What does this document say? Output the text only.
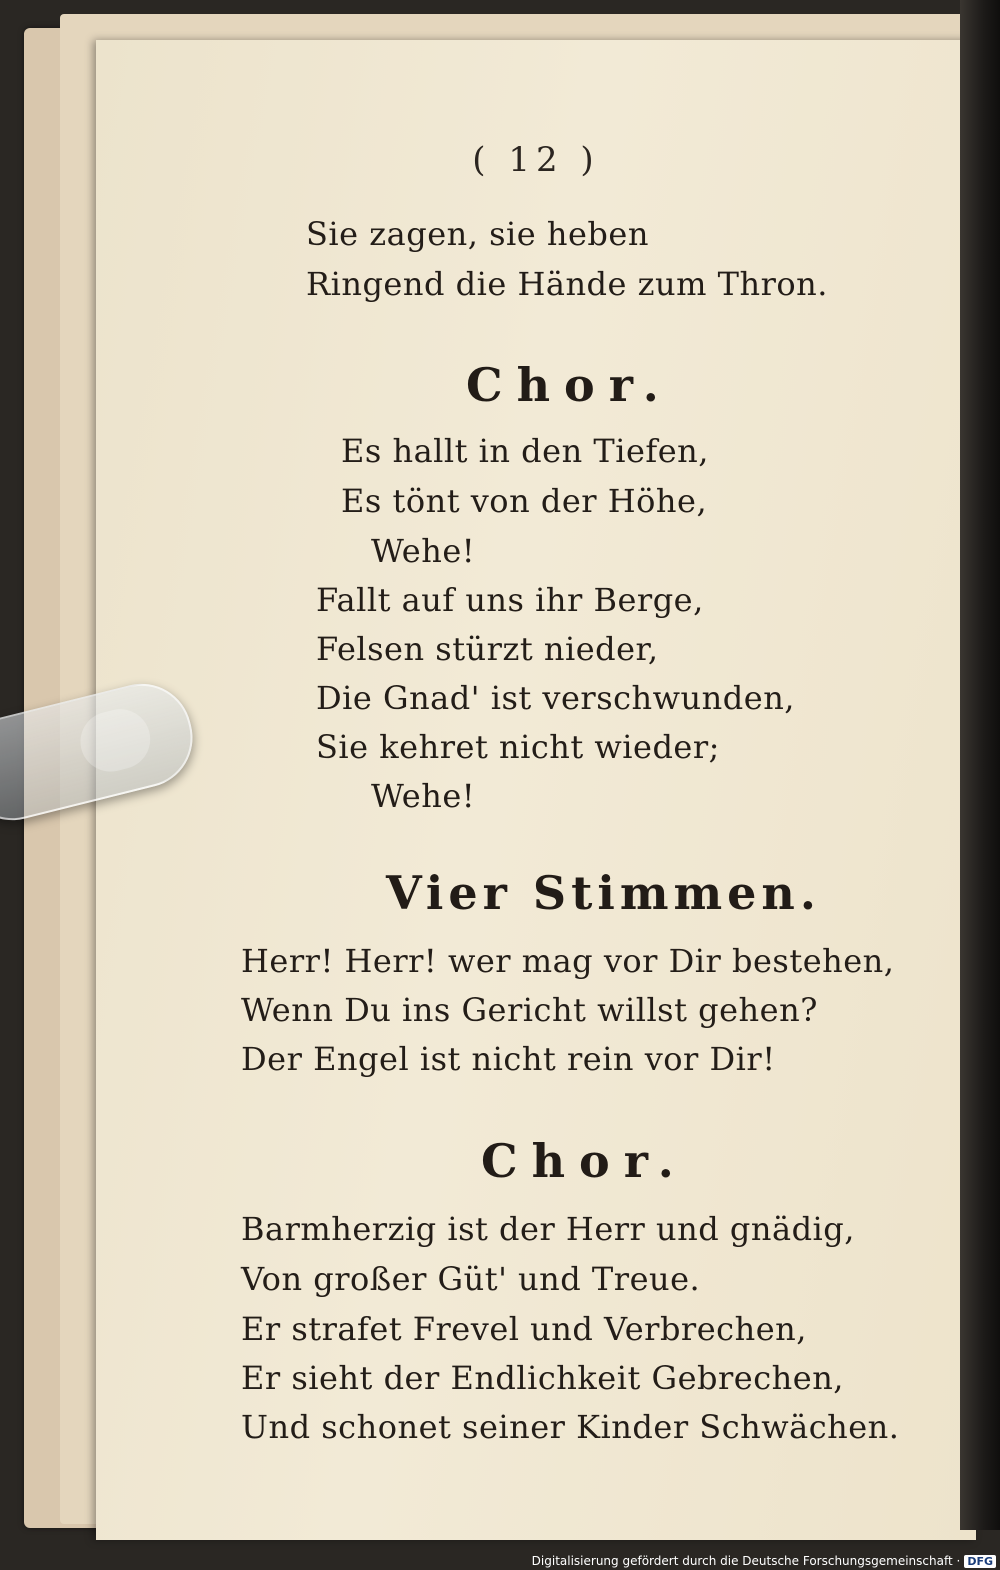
( 12 )
Sie zagen, sie heben
Ringend die Hände zum Thron.
Chor.
Es hallt in den Tiefen,
Es tönt von der Höhe,
Wehe!
Fallt auf uns ihr Berge,
Felsen stürzt nieder,
Die Gnad' ist verschwunden,
Sie kehret nicht wieder;
Wehe!
Vier Stimmen.
Herr! Herr! wer mag vor Dir bestehen,
Wenn Du ins Gericht willst gehen?
Der Engel ist nicht rein vor Dir!
Chor.
Barmherzig ist der Herr und gnädig,
Von großer Güt' und Treue.
Er strafet Frevel und Verbrechen,
Er sieht der Endlichkeit Gebrechen,
Und schonet seiner Kinder Schwächen.
Digitalisierung gefördert durch die Deutsche Forschungsgemeinschaft · DFG
